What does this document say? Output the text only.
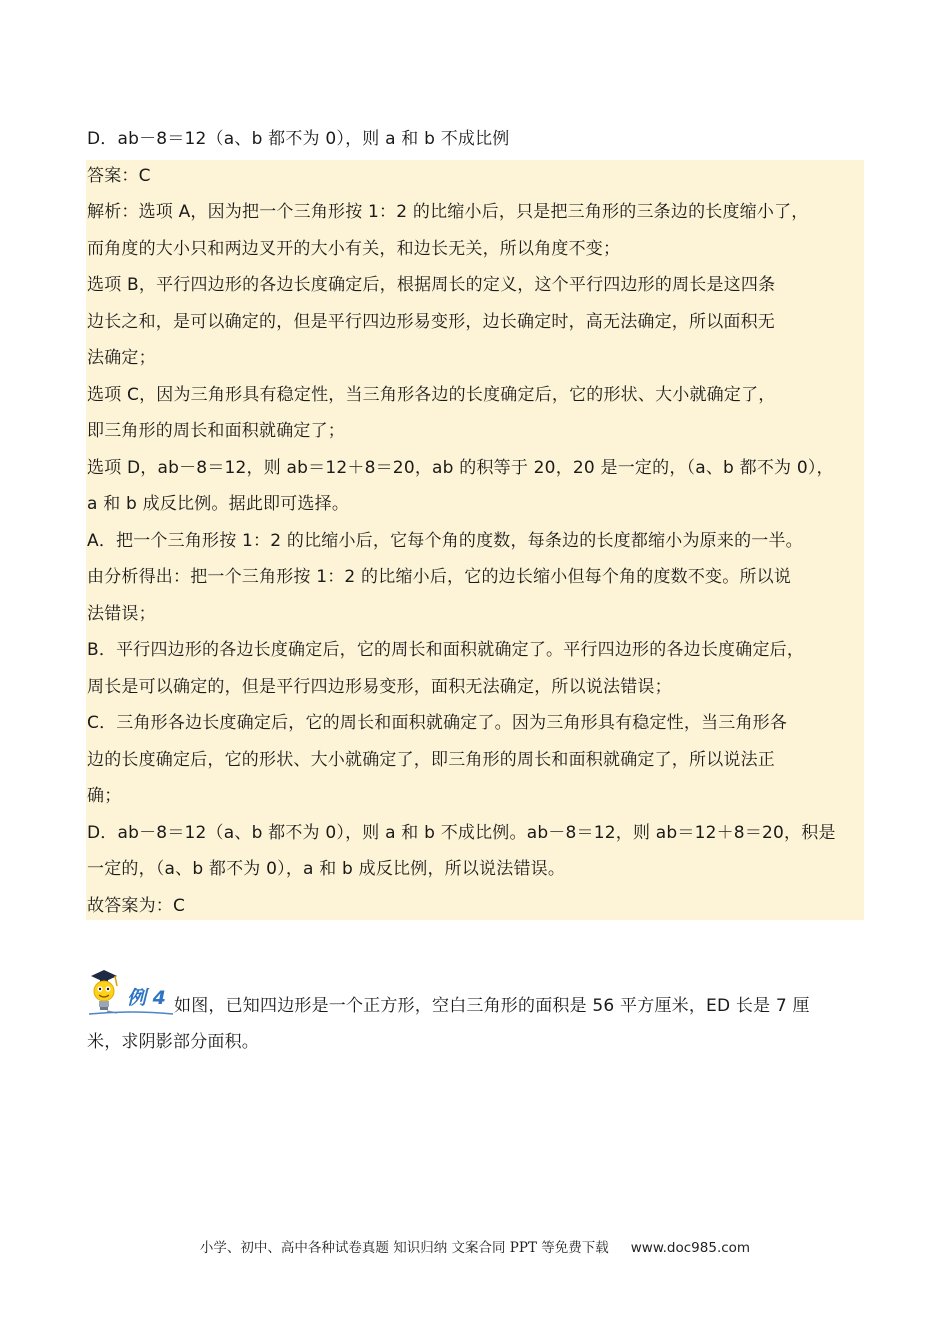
D．ab－8＝12（a、b 都不为 0），则 a 和 b 不成比例
答案：C
解析：选项 A，因为把一个三角形按 1：2 的比缩小后，只是把三角形的三条边的长度缩小了，
而角度的大小只和两边叉开的大小有关，和边长无关，所以角度不变；
选项 B，平行四边形的各边长度确定后，根据周长的定义，这个平行四边形的周长是这四条
边长之和，是可以确定的，但是平行四边形易变形，边长确定时，高无法确定，所以面积无
法确定；
选项 C，因为三角形具有稳定性，当三角形各边的长度确定后，它的形状、大小就确定了，
即三角形的周长和面积就确定了；
选项 D，ab－8＝12，则 ab＝12＋8＝20，ab 的积等于 20，20 是一定的，（a、b 都不为 0），
a 和 b 成反比例。据此即可选择。
A．把一个三角形按 1：2 的比缩小后，它每个角的度数，每条边的长度都缩小为原来的一半。
由分析得出：把一个三角形按 1：2 的比缩小后，它的边长缩小但每个角的度数不变。所以说
法错误；
B．平行四边形的各边长度确定后，它的周长和面积就确定了。平行四边形的各边长度确定后，
周长是可以确定的，但是平行四边形易变形，面积无法确定，所以说法错误；
C．三角形各边长度确定后，它的周长和面积就确定了。因为三角形具有稳定性，当三角形各
边的长度确定后，它的形状、大小就确定了，即三角形的周长和面积就确定了，所以说法正
确；
D．ab－8＝12（a、b 都不为 0），则 a 和 b 不成比例。ab－8＝12，则 ab＝12＋8＝20，积是
一定的，（a、b 都不为 0），a 和 b 成反比例，所以说法错误。
故答案为：C
例 4 如图，已知四边形是一个正方形，空白三角形的面积是 56 平方厘米，ED 长是 7 厘
米，求阴影部分面积。
小学、初中、高中各种试卷真题 知识归纳 文案合同 PPT 等免费下载 www.doc985.com
